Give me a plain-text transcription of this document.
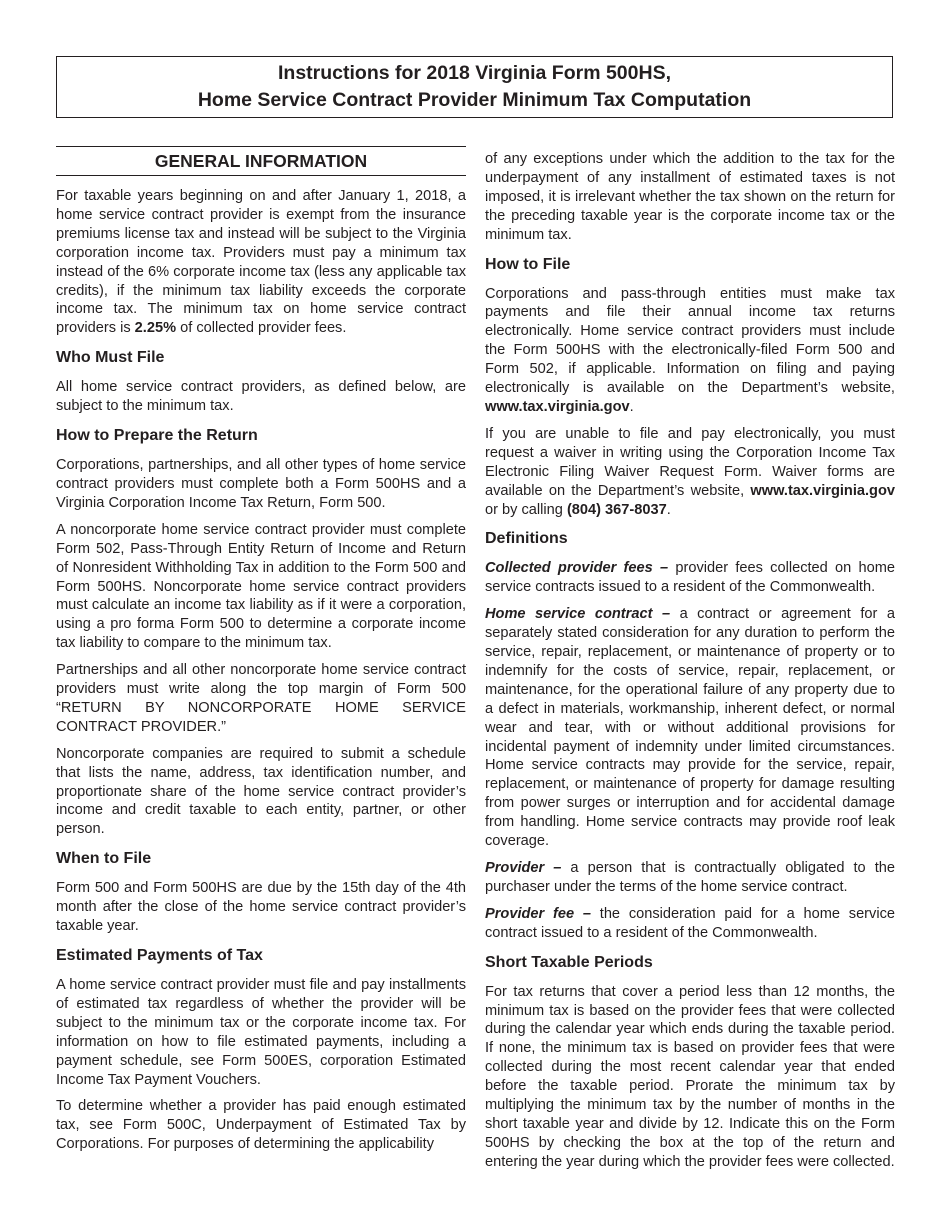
Instructions for 2018 Virginia Form 500HS,
Home Service Contract Provider Minimum Tax Computation
GENERAL INFORMATION

For taxable years beginning on and after January 1, 2018, a home service contract provider is exempt from the insurance premiums license tax and instead will be subject to the Virginia corporation income tax. Providers must pay a minimum tax instead of the 6% corporate income tax (less any applicable tax credits), if the minimum tax liability exceeds the corporate income tax. The minimum tax on home service contract providers is 2.25% of collected provider fees.

Who Must File

All home service contract providers, as defined below, are subject to the minimum tax.

How to Prepare the Return

Corporations, partnerships, and all other types of home service contract providers must complete both a Form 500HS and a Virginia Corporation Income Tax Return, Form 500.

A noncorporate home service contract provider must complete Form 502, Pass-Through Entity Return of Income and Return of Nonresident Withholding Tax in addition to the Form 500 and Form 500HS. Noncorporate home service contract providers must calculate an income tax liability as if it were a corporation, using a pro forma Form 500 to determine a corporate income tax liability to compare to the minimum tax.

Partnerships and all other noncorporate home service contract providers must write along the top margin of Form 500 “RETURN BY NONCORPORATE HOME SERVICE CONTRACT PROVIDER.”

Noncorporate companies are required to submit a schedule that lists the name, address, tax identification number, and proportionate share of the home service contract provider’s income and credit taxable to each entity, partner, or other person.

When to File

Form 500 and Form 500HS are due by the 15th day of the 4th month after the close of the home service contract provider’s taxable year.

Estimated Payments of Tax

A home service contract provider must file and pay installments of estimated tax regardless of whether the provider will be subject to the minimum tax or the corporate income tax. For information on how to file estimated payments, including a payment schedule, see Form 500ES, corporation Estimated Income Tax Payment Vouchers.

To determine whether a provider has paid enough estimated tax, see Form 500C, Underpayment of Estimated Tax by Corporations. For purposes of determining the applicability

of any exceptions under which the addition to the tax for the underpayment of any installment of estimated taxes is not imposed, it is irrelevant whether the tax shown on the return for the preceding taxable year is the corporate income tax or the minimum tax.

How to File

Corporations and pass-through entities must make tax payments and file their annual income tax returns electronically. Home service contract providers must include the Form 500HS with the electronically-filed Form 500 and Form 502, if applicable. Information on filing and paying electronically is available on the Department’s website, www.tax.virginia.gov.

If you are unable to file and pay electronically, you must request a waiver in writing using the Corporation Income Tax Electronic Filing Waiver Request Form. Waiver forms are available on the Department’s website, www.tax.virginia.gov or by calling (804) 367-8037.

Definitions

Collected provider fees – provider fees collected on home service contracts issued to a resident of the Commonwealth.

Home service contract – a contract or agreement for a separately stated consideration for any duration to perform the service, repair, replacement, or maintenance of property or to indemnify for the costs of service, repair, replacement, or maintenance, for the operational failure of any property due to a defect in materials, workmanship, inherent defect, or normal wear and tear, with or without additional provisions for incidental payment of indemnity under limited circumstances. Home service contracts may provide for the service, repair, replacement, or maintenance of property for damage resulting from power surges or interruption and for accidental damage from handling. Home service contracts may provide roof leak coverage.

Provider – a person that is contractually obligated to the purchaser under the terms of the home service contract.

Provider fee – the consideration paid for a home service contract issued to a resident of the Commonwealth.

Short Taxable Periods

For tax returns that cover a period less than 12 months, the minimum tax is based on the provider fees that were collected during the calendar year which ends during the taxable period. If none, the minimum tax is based on provider fees that were collected during the most recent calendar year that ended before the taxable period. Prorate the minimum tax by multiplying the minimum tax by the number of months in the short taxable year and divide by 12. Indicate this on the Form 500HS by checking the box at the top of the return and entering the year during which the provider fees were collected.
